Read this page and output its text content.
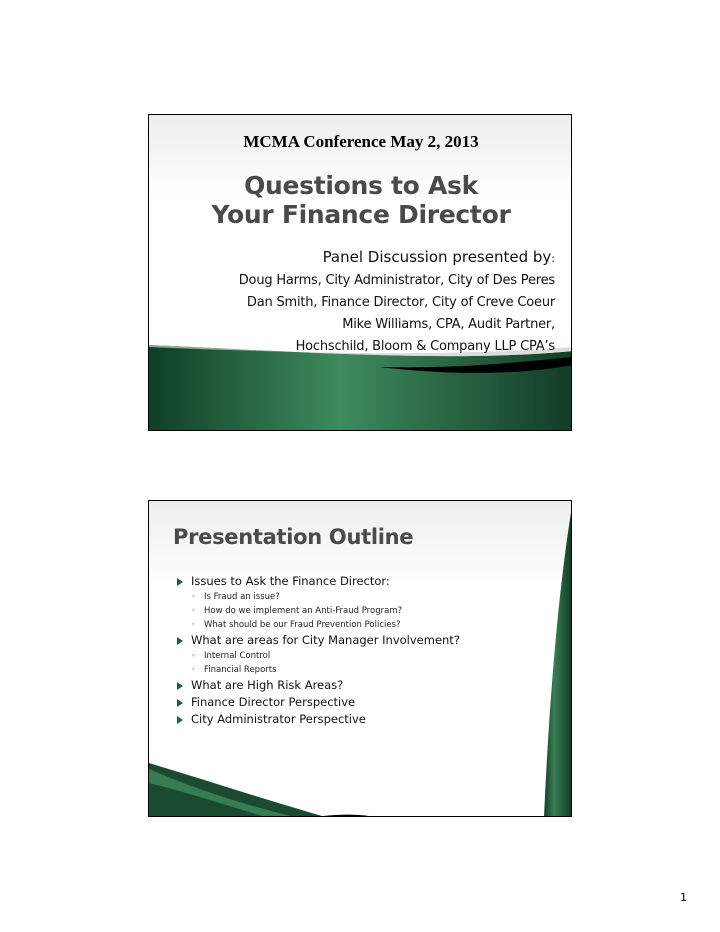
MCMA Conference May 2, 2013
Questions to Ask
Your Finance Director
Panel Discussion presented by:
Doug Harms, City Administrator, City of Des Peres
Dan Smith, Finance Director, City of Creve Coeur
Mike Williams, CPA, Audit Partner,
Hochschild, Bloom & Company LLP CPA’s
Presentation Outline
Issues to Ask the Finance Director:
◦ Is Fraud an issue?
◦ How do we implement an Anti-Fraud Program?
◦ What should be our Fraud Prevention Policies?
What are areas for City Manager Involvement?
◦ Internal Control
◦ Financial Reports
What are High Risk Areas?
Finance Director Perspective
City Administrator Perspective
1
